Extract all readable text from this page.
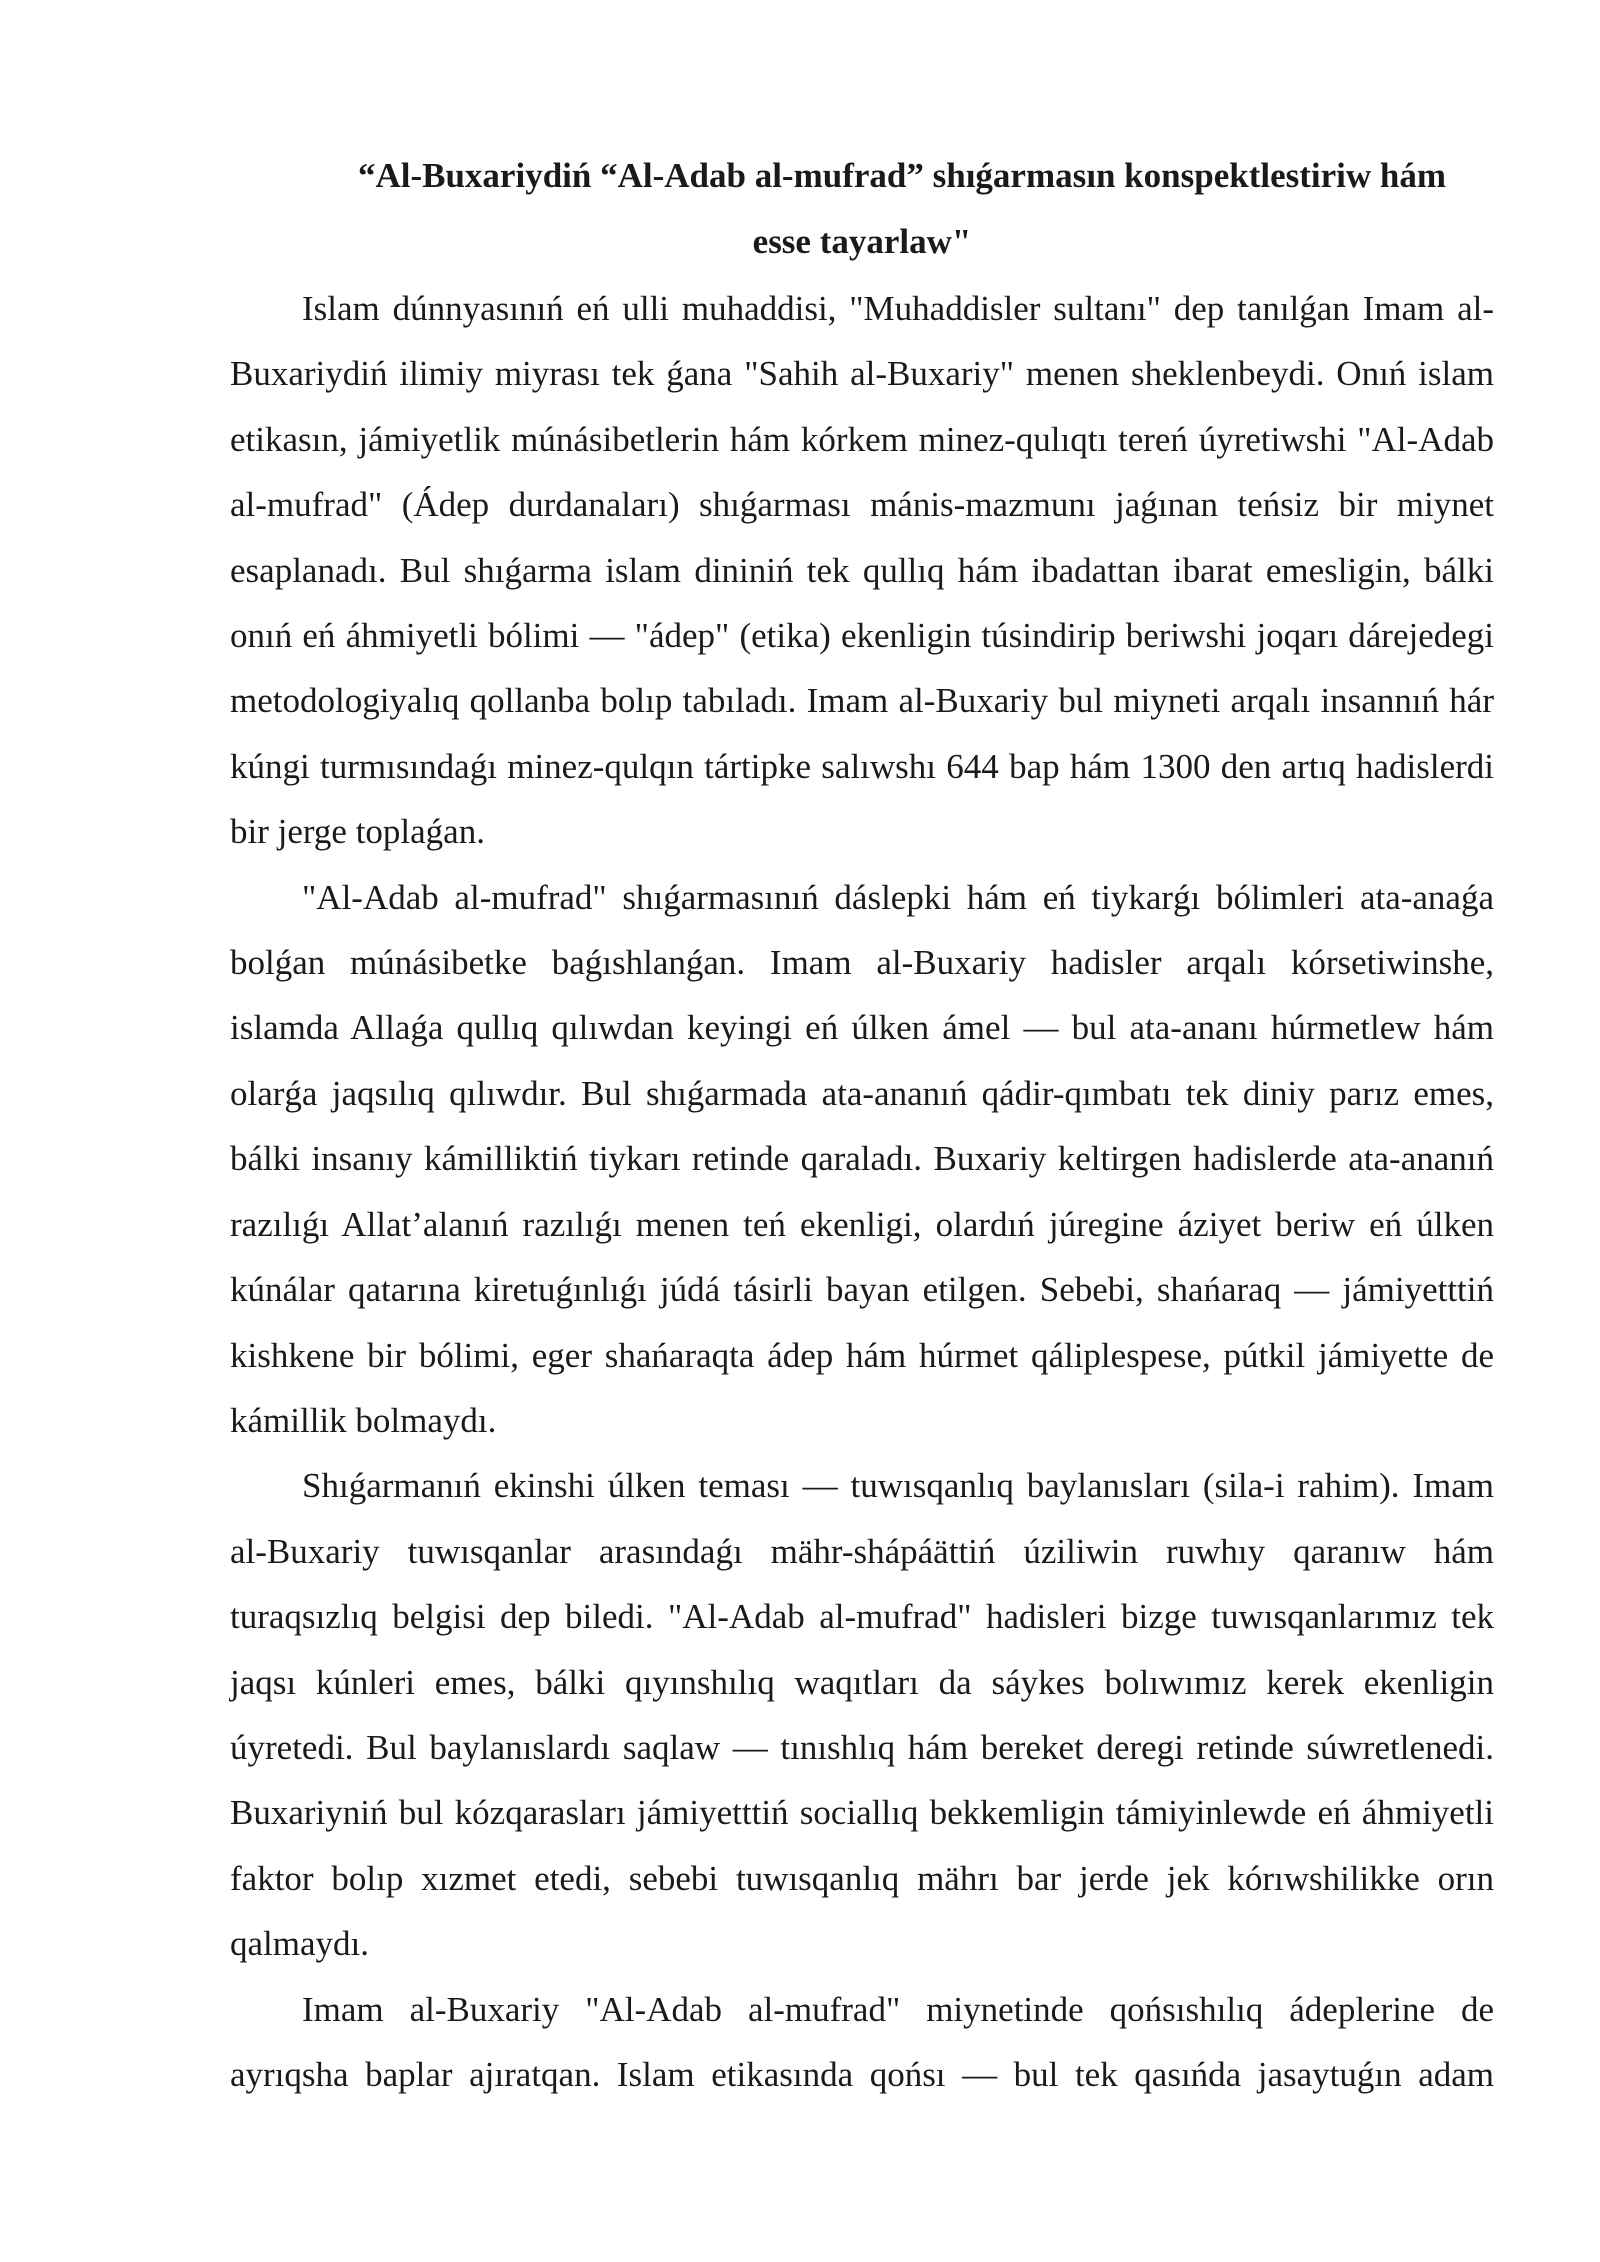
“Al-Buxariydiń “Al-Adab al-mufrad” shıǵarmasın konspektlestiriw hám
esse tayarlaw"

Islam dúnnyasınıń eń ulli muhaddisi, "Muhaddisler sultanı" dep tanılǵan Imam al-Buxariydiń ilimiy miyrası tek ǵana "Sahih al-Buxariy" menen sheklenbeydi. Onıń islam etikasın, jámiyetlik múnásibetlerin hám kórkem minez-qulıqtı tereń úyretiwshi "Al-Adab al-mufrad" (Ádep durdanaları) shıǵarması mánis-mazmunı jaǵınan teńsiz bir miynet esaplanadı. Bul shıǵarma islam dininiń tek qullıq hám ibadattan ibarat emesligin, bálki onıń eń áhmiyetli bólimi — "ádep" (etika) ekenligin túsindirip beriwshi joqarı dárejedegi metodologiyalıq qollanba bolıp tabıladı. Imam al-Buxariy bul miyneti arqalı insannıń hár kúngi turmısındaǵı minez-qulqın tártipke salıwshı 644 bap hám 1300 den artıq hadislerdi bir jerge toplaǵan.

"Al-Adab al-mufrad" shıǵarmasınıń dáslepki hám eń tiykarǵı bólimleri ata-anaǵa bolǵan múnásibetke baǵıshlanǵan. Imam al-Buxariy hadisler arqalı kórsetiwinshe, islamda Allaǵa qullıq qılıwdan keyingi eń úlken ámel — bul ata-ananı húrmetlew hám olarǵa jaqsılıq qılıwdır. Bul shıǵarmada ata-ananıń qádir-qımbatı tek diniy parız emes, bálki insanıy kámilliktiń tiykarı retinde qaraladı. Buxariy keltirgen hadislerde ata-ananıń razılıǵı Allat’alanıń razılıǵı menen teń ekenligi, olardıń júregine áziyet beriw eń úlken kúnálar qatarına kiretuǵınlıǵı júdá tásirli bayan etilgen. Sebebi, shańaraq — jámiyetttiń kishkene bir bólimi, eger shańaraqta ádep hám húrmet qáliplespese, pútkil jámiyette de kámillik bolmaydı.

Shıǵarmanıń ekinshi úlken teması — tuwısqanlıq baylanısları (sila-i rahim). Imam al-Buxariy tuwısqanlar arasındaǵı mähr-shápáättiń úziliwin ruwhıy qaranıw hám turaqsızlıq belgisi dep biledi. "Al-Adab al-mufrad" hadisleri bizge tuwısqanlarımız tek jaqsı kúnleri emes, bálki qıyınshılıq waqıtları da sáykes bolıwımız kerek ekenligin úyretedi. Bul baylanıslardı saqlaw — tınıshlıq hám bereket deregi retinde súwretlenedi. Buxariyniń bul kózqarasları jámiyetttiń sociallıq bekkemligin támiyinlewde eń áhmiyetli faktor bolıp xızmet etedi, sebebi tuwısqanlıq mährı bar jerde jek kórıwshilikke orın qalmaydı.

Imam al-Buxariy "Al-Adab al-mufrad" miynetinde qońsıshılıq ádeplerine de ayrıqsha baplar ajıratqan. Islam etikasında qońsı — bul tek qasıńda jasaytuǵın adam
